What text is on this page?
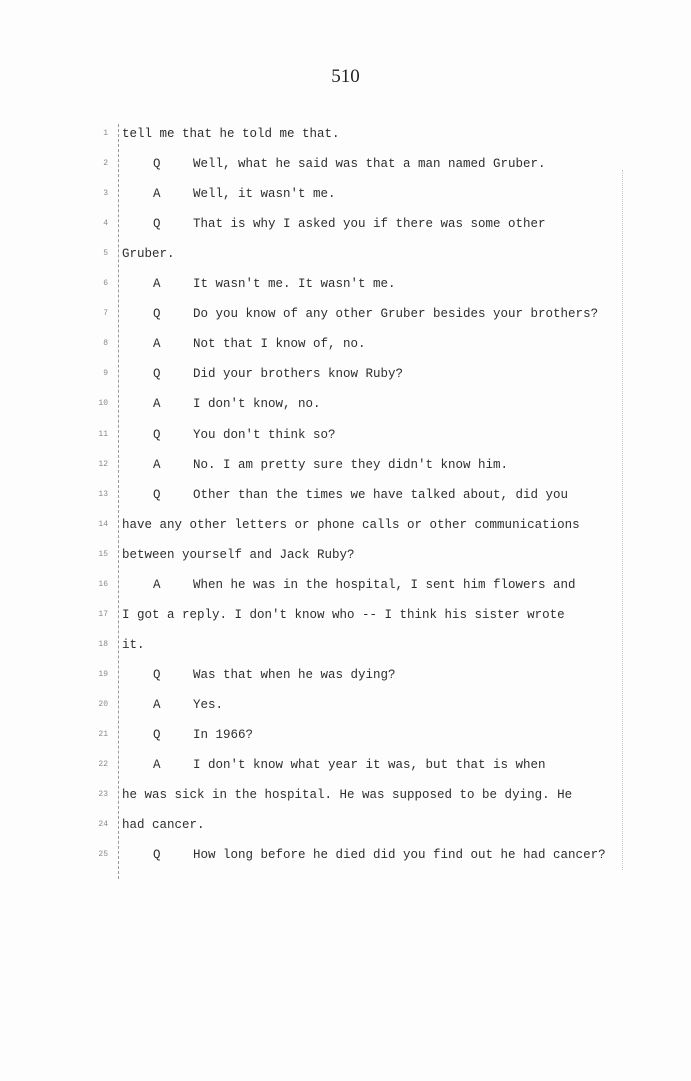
510
1 tell me that he told me that.
2	Q	Well, what he said was that a man named Gruber.
3	A	Well, it wasn't me.
4	Q	That is why I asked you if there was some other
5 Gruber.
6	A	It wasn't me. It wasn't me.
7	Q	Do you know of any other Gruber besides your brothers?
8	A	Not that I know of, no.
9	Q	Did your brothers know Ruby?
10	A	I don't know, no.
11	Q	You don't think so?
12	A	No. I am pretty sure they didn't know him.
13	Q	Other than the times we have talked about, did you
14 have any other letters or phone calls or other communications
15 between yourself and Jack Ruby?
16	A	When he was in the hospital, I sent him flowers and
17 I got a reply. I don't know who -- I think his sister wrote
18 it.
19	Q	Was that when he was dying?
20	A	Yes.
21	Q	In 1966?
22	A	I don't know what year it was, but that is when
23 he was sick in the hospital. He was supposed to be dying. He
24 had cancer.
25	Q	How long before he died did you find out he had cancer?
